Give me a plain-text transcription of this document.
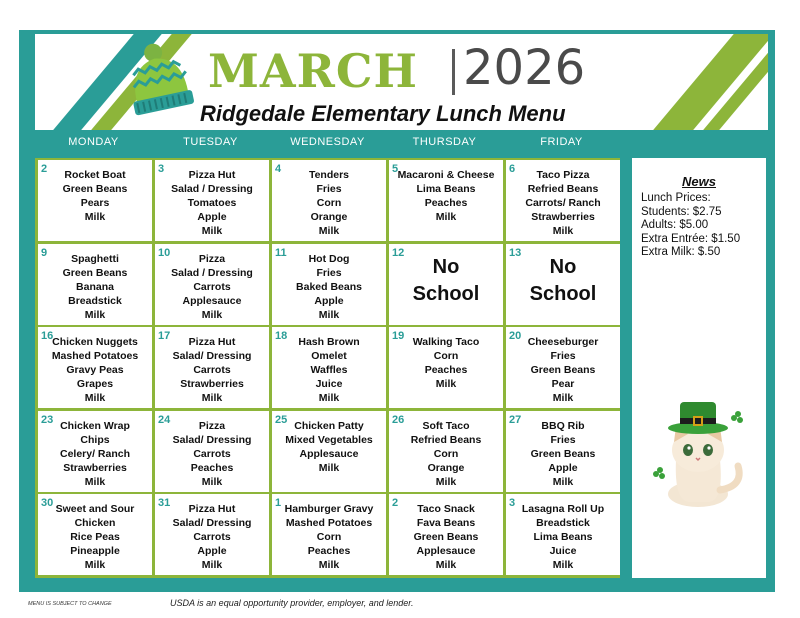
MARCH 2026
Ridgedale Elementary Lunch Menu
MONDAY	TUESDAY	WEDNESDAY	THURSDAY	FRIDAY
2	Rocket Boat
Green Beans
Pears
Milk
3	Pizza Hut
Salad / Dressing
Tomatoes
Apple
Milk
4	Tenders
Fries
Corn
Orange
Milk
5 Macaroni & Cheese
Lima Beans
Peaches
Milk
6	Taco Pizza
Refried Beans
Carrots/ Ranch
Strawberries
Milk
9	Spaghetti
Green Beans
Banana
Breadstick
Milk
10	Pizza
Salad / Dressing
Carrots
Applesauce
Milk
11	Hot Dog
Fries
Baked Beans
Apple
Milk
12
No
School
13
No
School
16
Chicken Nuggets
Mashed Potatoes
Gravy Peas
Grapes
Milk
17	Pizza Hut
Salad/ Dressing
Carrots
Strawberries
Milk
18	Hash Brown
Omelet
Waffles
Juice
Milk
19 Walking Taco
Corn
Peaches
Milk
20 Cheeseburger
Fries
Green Beans
Pear
Milk
23 Chicken Wrap
Chips
Celery/ Ranch
Strawberries
Milk
24	Pizza
Salad/ Dressing
Carrots
Peaches
Milk
25 Chicken Patty
Mixed Vegetables
Applesauce
Milk
26	Soft Taco
Refried Beans
Corn
Orange
Milk
27	BBQ Rib
Fries
Green Beans
Apple
Milk
30 Sweet and Sour
Chicken
Rice Peas
Pineapple
Milk
31	Pizza Hut
Salad/ Dressing
Carrots
Apple
Milk
1 Hamburger Gravy
Mashed Potatoes
Corn
Peaches
Milk
2	Taco Snack
Fava Beans
Green Beans
Applesauce
Milk
3 Lasagna Roll Up
Breadstick
Lima Beans
Juice
Milk
News
Lunch Prices:
Students: $2.75
Adults: $5.00
Extra Entrée: $1.50
Extra Milk: $.50
MENU IS SUBJECT TO CHANGE	USDA is an equal opportunity provider, employer, and lender.
